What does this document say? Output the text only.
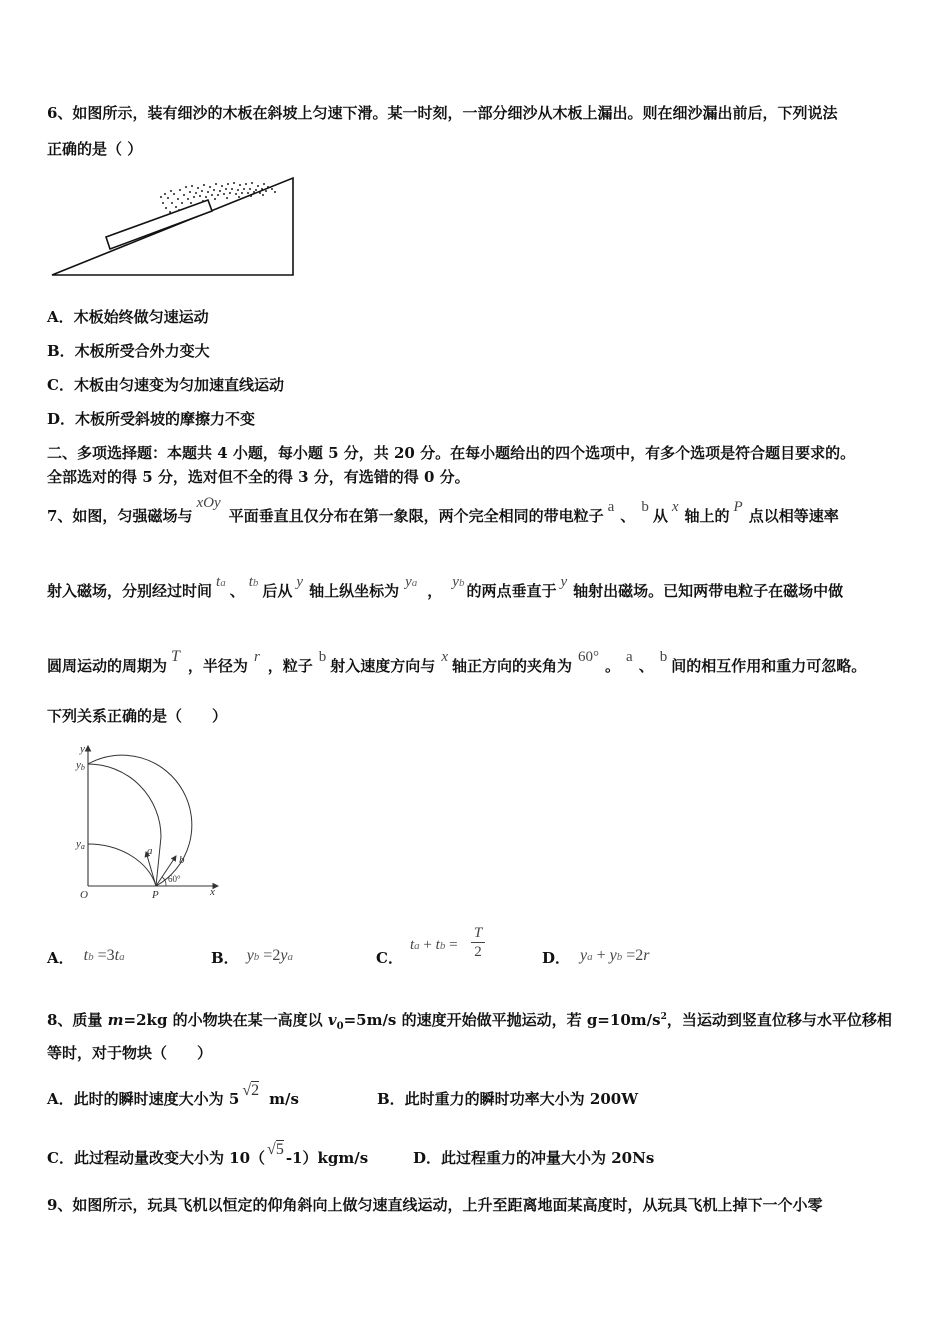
6、如图所示，装有细沙的木板在斜坡上匀速下滑。某一时刻，一部分细沙从木板上漏出。则在细沙漏出前后，下列说法
正确的是（ ）
A．木板始终做匀速运动
B．木板所受合外力变大
C．木板由匀速变为匀加速直线运动
D．木板所受斜坡的摩擦力不变
二、多项选择题：本题共 4 小题，每小题 5 分，共 20 分。在每小题给出的四个选项中，有多个选项是符合题目要求的。
全部选对的得 5 分，选对但不全的得 3 分，有选错的得 0 分。
7、如图，匀强磁场与xOy平面垂直且仅分布在第一象限，两个完全相同的带电粒子 a 、 b 从 x 轴上的 P 点以相等速率
射入磁场，分别经过时间 ta 、 tb 后从 y 轴上纵坐标为 ya ， yb 的两点垂直于 y 轴射出磁场。已知两带电粒子在磁场中做
圆周运动的周期为T，半径为 r ，粒子 b 射入速度方向与 x 轴正方向的夹角为 60° 。 a 、 b 间的相互作用和重力可忽略。
下列关系正确的是（　　）
y
yb
ya
O	P	x
a
b
60°
A． tb =3ta	B． yb =2ya	C．
ta + tb = $\frac{T}{2}$	D． ya + yb =2r
8、质量 m=2kg 的小物块在某一高度以 $v_0=5m/s$ 的速度开始做平抛运动，若 $g=10m/s^2$，当运动到竖直位移与水平位移相
等时，对于物块（　　）
A．此时的瞬时速度大小为 5 √2 m/s	B．此时重力的瞬时功率大小为 200W
C．此过程动量改变大小为 10（ √5 -1）kgm/s	D．此过程重力的冲量大小为 20Ns
9、如图所示，玩具飞机以恒定的仰角斜向上做匀速直线运动，上升至距离地面某高度时，从玩具飞机上掉下一个小零
